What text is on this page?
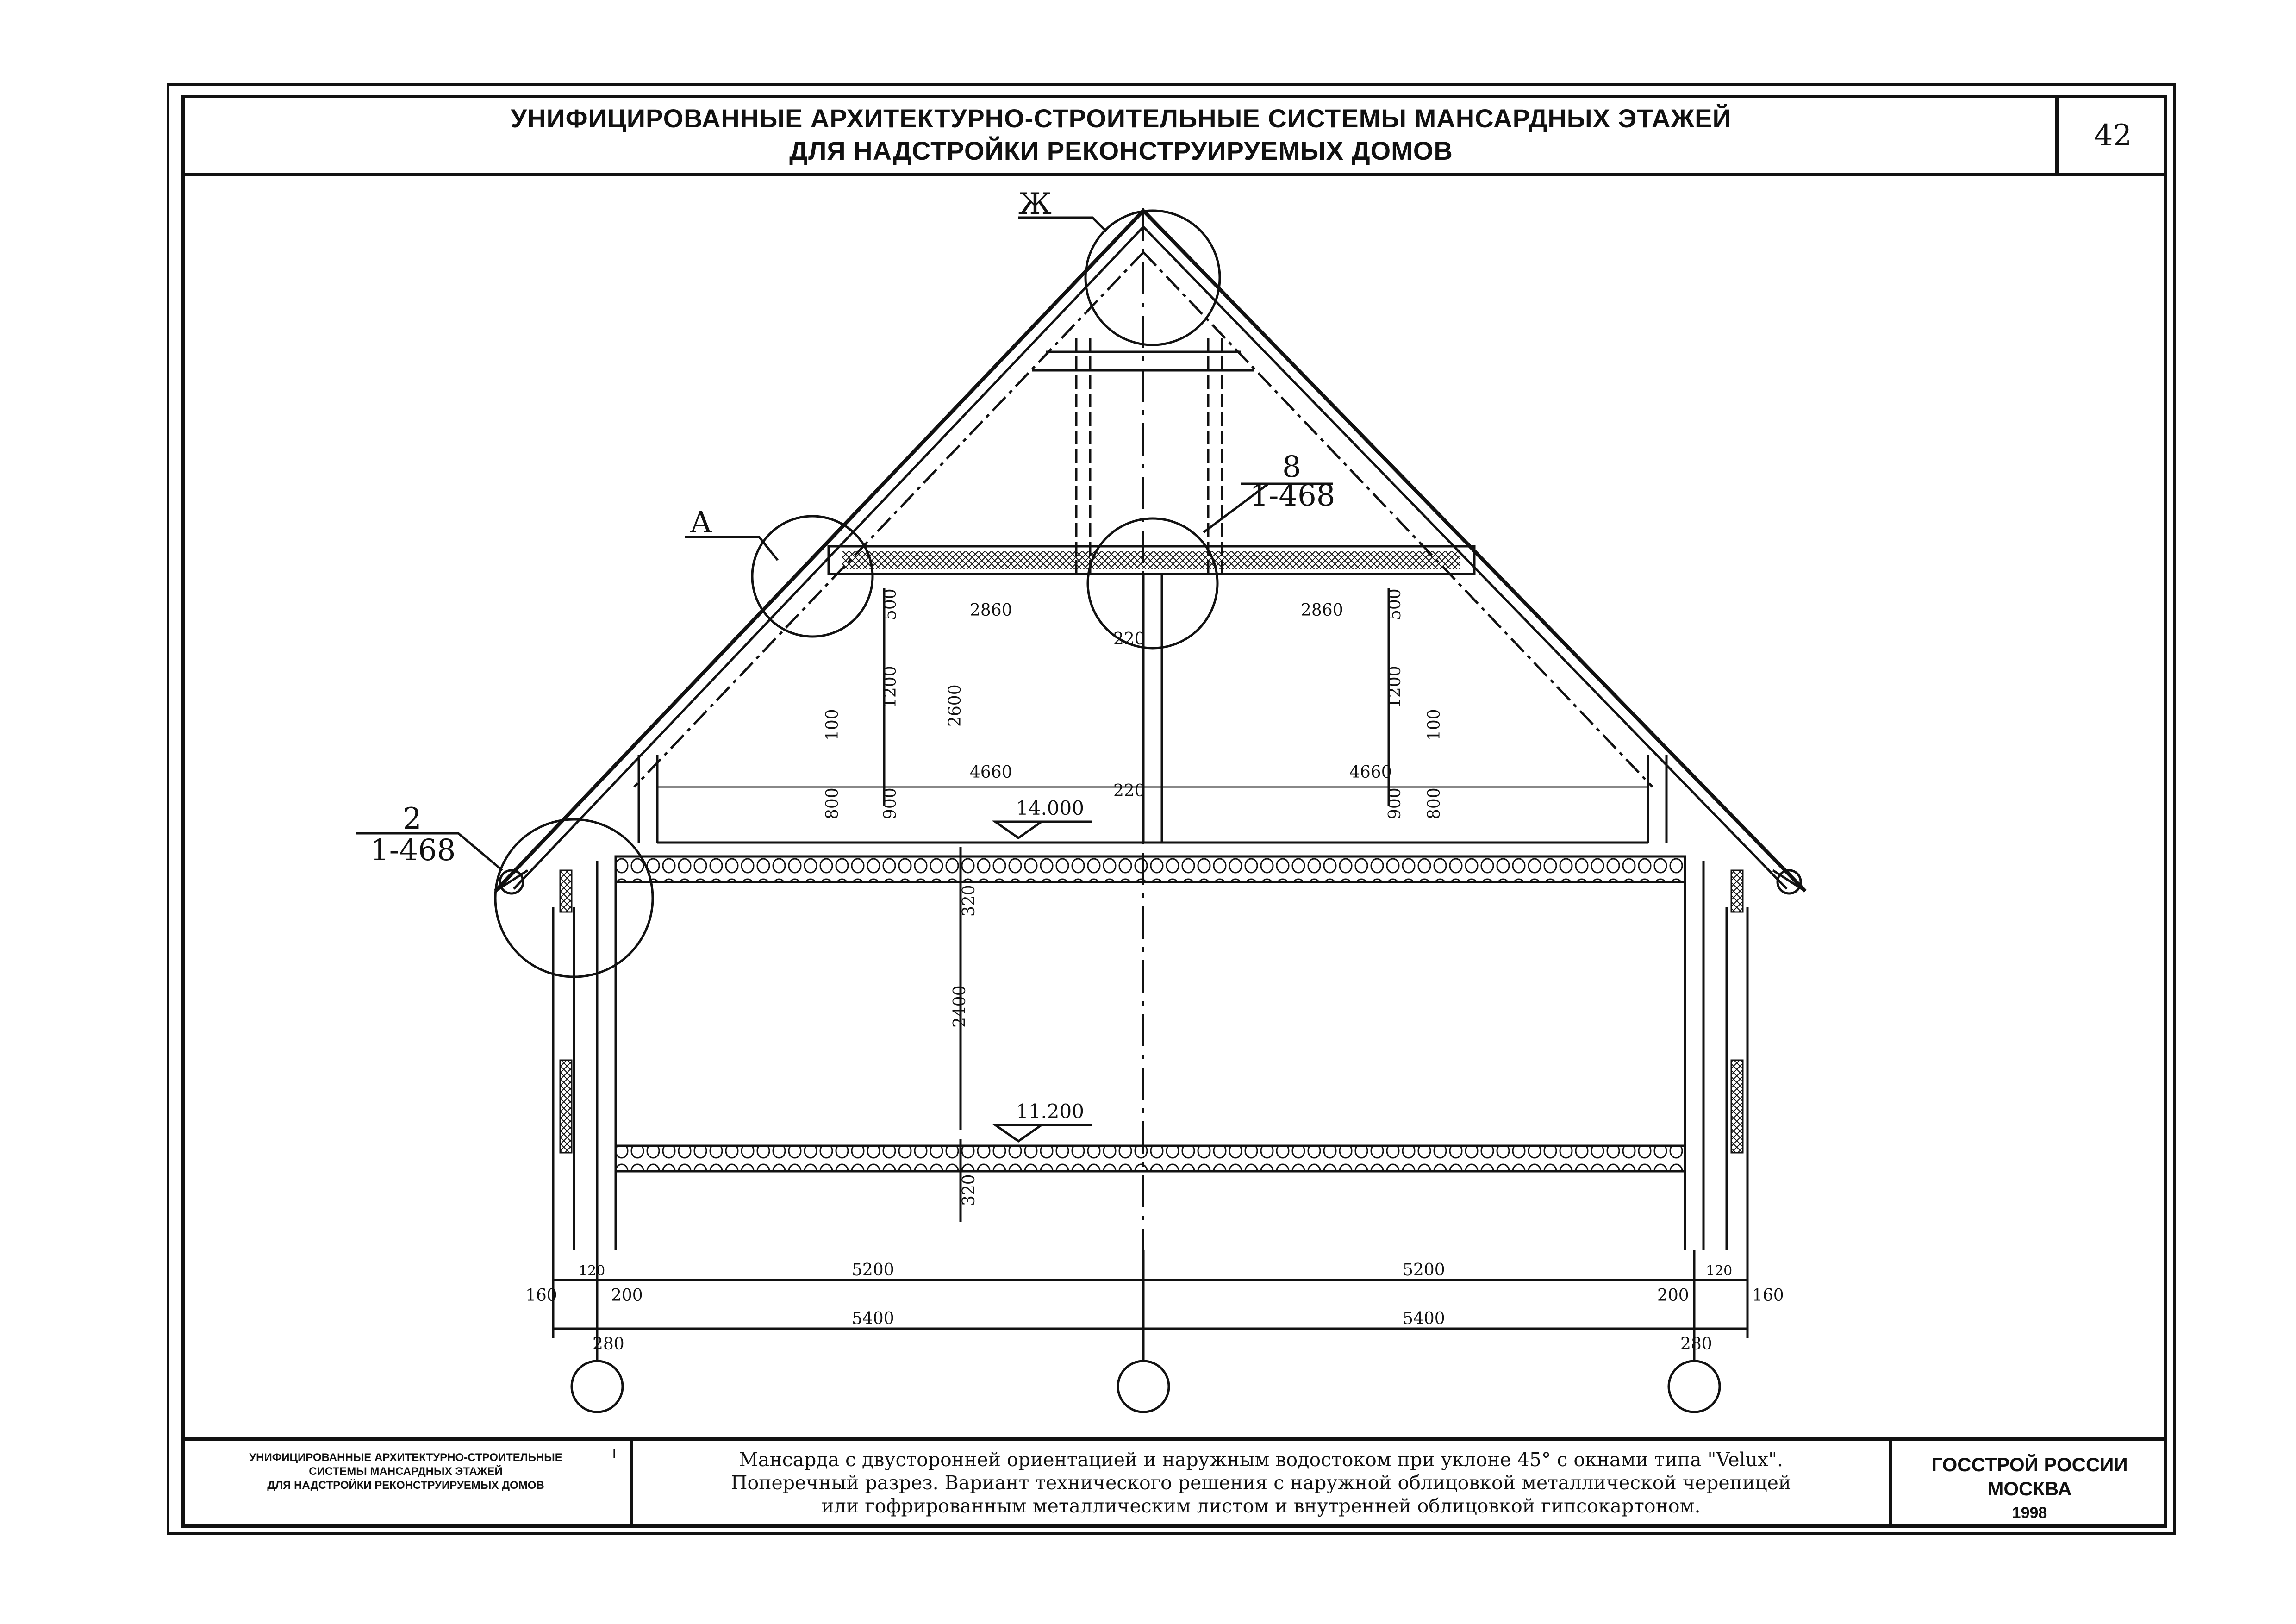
УНИФИЦИРОВАННЫЕ АРХИТЕКТУРНО-СТРОИТЕЛЬНЫЕ СИСТЕМЫ МАНСАРДНЫХ ЭТАЖЕЙ
ДЛЯ НАДСТРОЙКИ РЕКОНСТРУИРУЕМЫХ ДОМОВ	42
Ж
А
8
1-468
2
1-468
14.000
11.200
2860	2860
220
220
4660	4660
500	500
1200	1200
2600
100	100
800	800
900	900
320
2400
320
5200	5200
5400	5400
120	120
160	160
200	200
280	280
УНИФИЦИРОВАННЫЕ АРХИТЕКТУРНО-СТРОИТЕЛЬНЫЕ
СИСТЕМЫ МАНСАРДНЫХ ЭТАЖЕЙ
ДЛЯ НАДСТРОЙКИ РЕКОНСТРУИРУЕМЫХ ДОМОВ
I	Мансарда с двусторонней ориентацией и наружным водостоком при уклоне 45° с окнами типа "Velux".
Поперечный разрез. Вариант технического решения с наружной облицовкой металлической черепицей
или гофрированным металлическим листом и внутренней облицовкой гипсокартоном.
ГОССТРОЙ РОССИИ
МОСКВА
1998
